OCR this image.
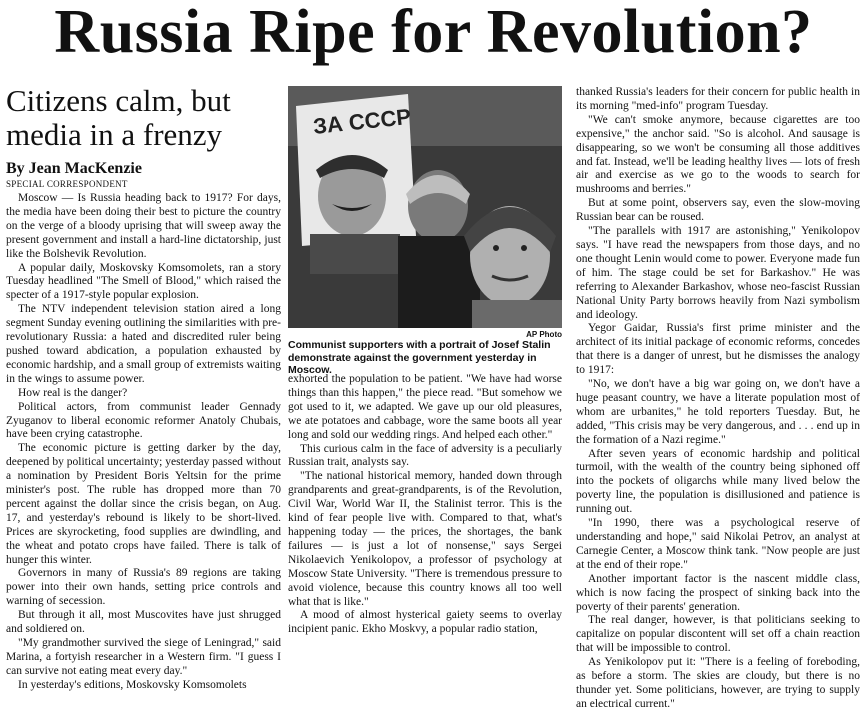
Russia Ripe for Revolution?
Citizens calm, but media in a frenzy
By Jean MacKenzie
SPECIAL CORRESPONDENT

Moscow — Is Russia heading back to 1917? For days, the media have been doing their best to picture the country on the verge of a bloody uprising that will sweep away the present government and install a hard-line dictatorship, just like the Bolshevik Revolution.

A popular daily, Moskovsky Komsomolets, ran a story Tuesday headlined "The Smell of Blood," which raised the specter of a 1917-style popular explosion.

The NTV independent television station aired a long segment Sunday evening outlining the similarities with pre-revolutionary Russia: a hated and discredited ruler being pushed toward abdication, a population exhausted by economic hardship, and a small group of extremists waiting in the wings to assume power.

How real is the danger?

Political actors, from communist leader Gennady Zyuganov to liberal economic reformer Anatoly Chubais, have been crying catastrophe.

The economic picture is getting darker by the day, deepened by political uncertainty; yesterday passed without a nomination by President Boris Yeltsin for the prime minister's post. The ruble has dropped more than 70 percent against the dollar since the crisis began, on Aug. 17, and yesterday's rebound is likely to be short-lived. Prices are skyrocketing, food supplies are dwindling, and the wheat and potato crops have failed. There is talk of hunger this winter.

Governors in many of Russia's 89 regions are taking power into their own hands, setting price controls and warning of secession.

But through it all, most Muscovites have just shrugged and soldiered on.

"My grandmother survived the siege of Leningrad," said Marina, a fortyish researcher in a Western firm. "I guess I can survive not eating meat every day."

In yesterday's editions, Moskovsky Komsomolets

ЗА СССР
AP Photo
Communist supporters with a portrait of Josef Stalin demonstrate against the government yesterday in Moscow.

exhorted the population to be patient. "We have had worse things than this happen," the piece read. "But somehow we got used to it, we adapted. We gave up our old pleasures, we ate potatoes and cabbage, wore the same boots all year long and sold our wedding rings. And helped each other."

This curious calm in the face of adversity is a peculiarly Russian trait, analysts say.

"The national historical memory, handed down through grandparents and great-grandparents, is of the Revolution, Civil War, World War II, the Stalinist terror. This is the kind of fear people live with. Compared to that, what's happening today — the prices, the shortages, the bank failures — is just a lot of nonsense," says Sergei Nikolaevich Yenikolopov, a professor of psychology at Moscow State University. "There is tremendous pressure to avoid violence, because this country knows all too well what that is like."

A mood of almost hysterical gaiety seems to overlay incipient panic. Ekho Moskvy, a popular radio station,

thanked Russia's leaders for their concern for public health in its morning "med-info" program Tuesday.

"We can't smoke anymore, because cigarettes are too expensive," the anchor said. "So is alcohol. And sausage is disappearing, so we won't be consuming all those additives and fat. Instead, we'll be leading healthy lives — lots of fresh air and exercise as we go to the woods to search for mushrooms and berries."

But at some point, observers say, even the slow-moving Russian bear can be roused.

"The parallels with 1917 are astonishing," Yenikolopov says. "I have read the newspapers from those days, and no one thought Lenin would come to power. Everyone made fun of him. The stage could be set for Barkashov." He was referring to Alexander Barkashov, whose neo-fascist Russian National Unity Party borrows heavily from Nazi symbolism and ideology.

Yegor Gaidar, Russia's first prime minister and the architect of its initial package of economic reforms, concedes that there is a danger of unrest, but he dismisses the analogy to 1917:

"No, we don't have a big war going on, we don't have a huge peasant country, we have a literate population most of whom are urbanites," he told reporters Tuesday. But, he added, "This crisis may be very dangerous, and . . . end up in the formation of a Nazi regime."

After seven years of economic hardship and political turmoil, with the wealth of the country being siphoned off into the pockets of oligarchs while many lived below the poverty line, the population is disillusioned and patience is running out.

"In 1990, there was a psychological reserve of understanding and hope," said Nikolai Petrov, an analyst at Carnegie Center, a Moscow think tank. "Now people are just at the end of their rope."

Another important factor is the nascent middle class, which is now facing the prospect of sinking back into the poverty of their parents' generation.

The real danger, however, is that politicians seeking to capitalize on popular discontent will set off a chain reaction that will be impossible to control.

As Yenikolopov put it: "There is a feeling of foreboding, as before a storm. The skies are cloudy, but there is no thunder yet. Some politicians, however, are trying to supply an electrical current."
